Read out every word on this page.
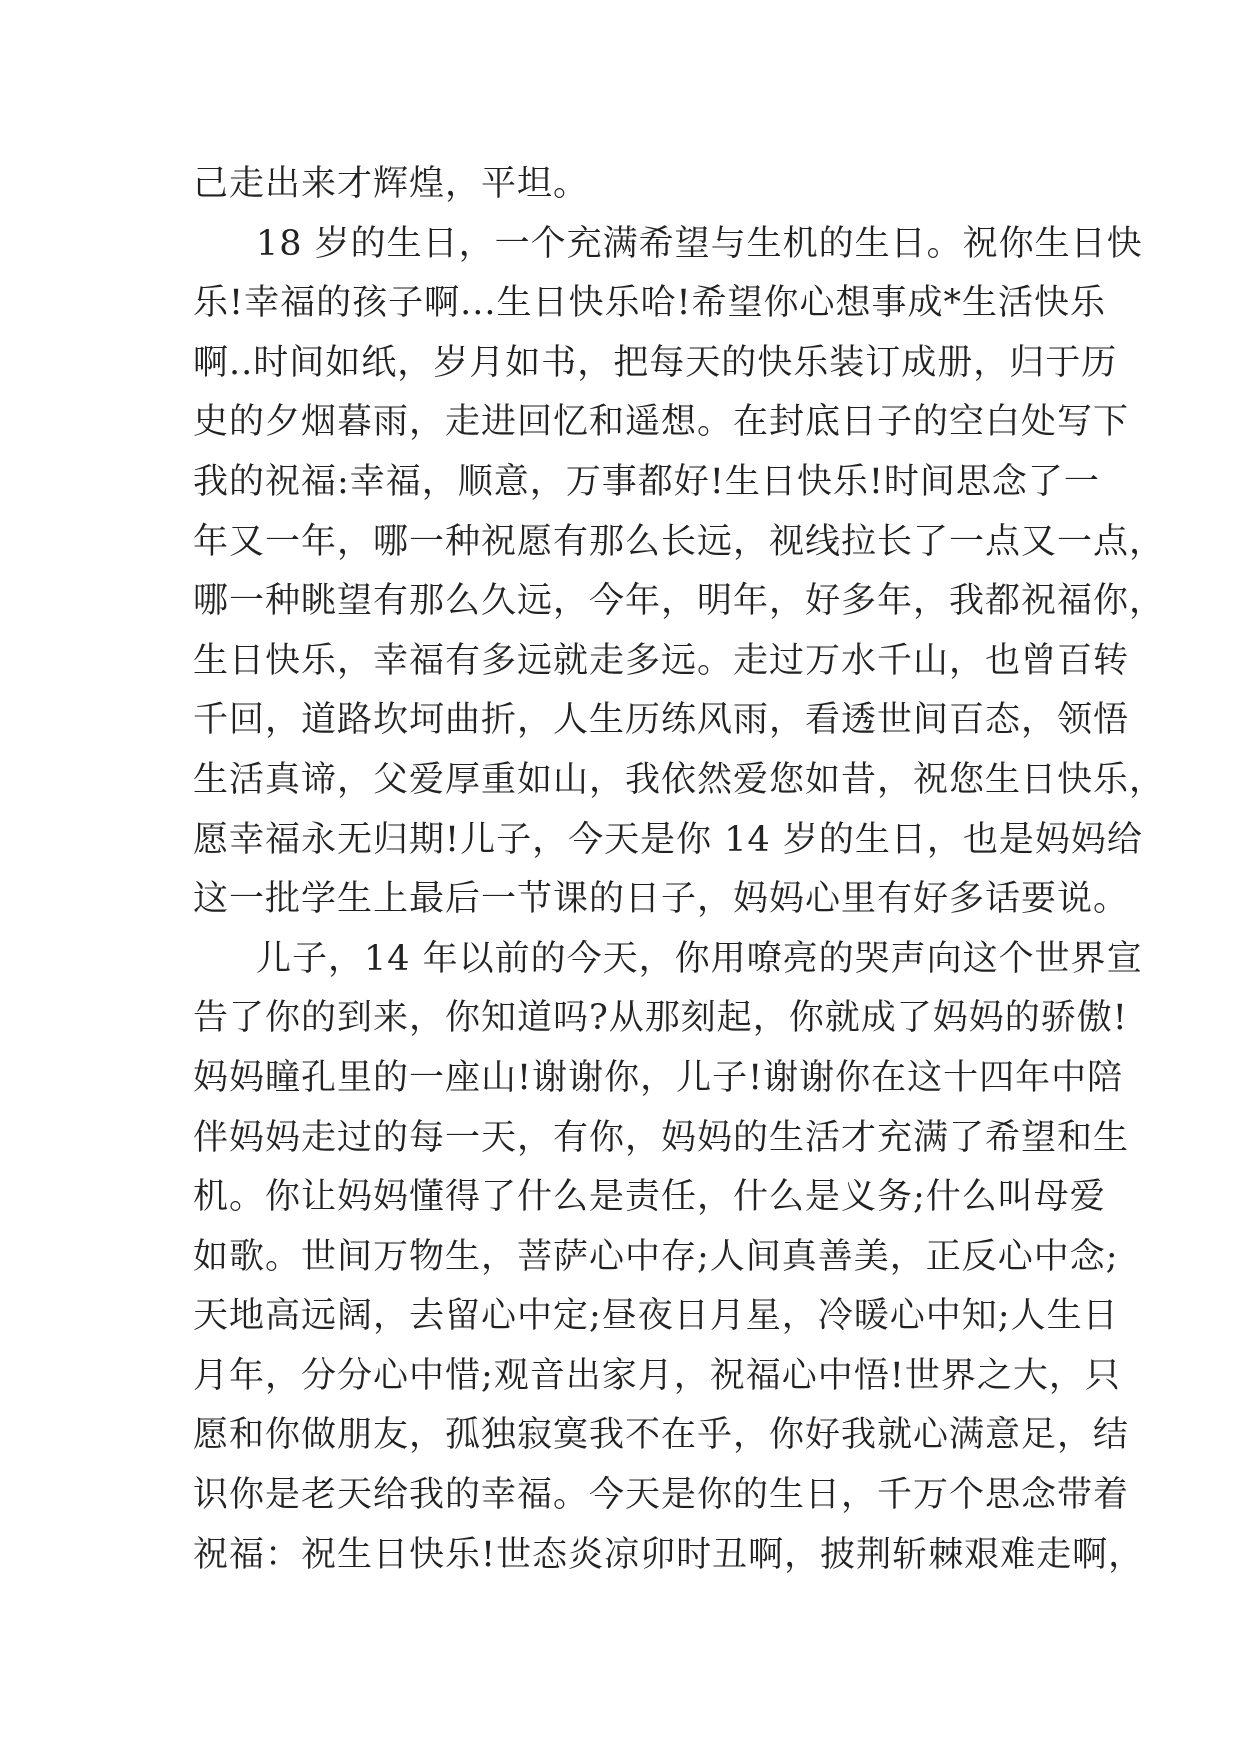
己走出来才辉煌，平坦。
18 岁的生日，一个充满希望与生机的生日。祝你生日快
乐!幸福的孩子啊...生日快乐哈!希望你心想事成*生活快乐
啊..时间如纸，岁月如书，把每天的快乐装订成册，归于历
史的夕烟暮雨，走进回忆和遥想。在封底日子的空白处写下
我的祝福:幸福，顺意，万事都好!生日快乐!时间思念了一
年又一年，哪一种祝愿有那么长远，视线拉长了一点又一点，
哪一种眺望有那么久远，今年，明年，好多年，我都祝福你，
生日快乐，幸福有多远就走多远。走过万水千山，也曾百转
千回，道路坎坷曲折，人生历练风雨，看透世间百态，领悟
生活真谛，父爱厚重如山，我依然爱您如昔，祝您生日快乐，
愿幸福永无归期!儿子，今天是你 14 岁的生日，也是妈妈给
这一批学生上最后一节课的日子，妈妈心里有好多话要说。
儿子，14 年以前的今天，你用嘹亮的哭声向这个世界宣
告了你的到来，你知道吗?从那刻起，你就成了妈妈的骄傲!
妈妈瞳孔里的一座山!谢谢你，儿子!谢谢你在这十四年中陪
伴妈妈走过的每一天，有你，妈妈的生活才充满了希望和生
机。你让妈妈懂得了什么是责任，什么是义务;什么叫母爱
如歌。世间万物生，菩萨心中存;人间真善美，正反心中念;
天地高远阔，去留心中定;昼夜日月星，冷暖心中知;人生日
月年，分分心中惜;观音出家月，祝福心中悟!世界之大，只
愿和你做朋友，孤独寂寞我不在乎，你好我就心满意足，结
识你是老天给我的幸福。今天是你的生日，千万个思念带着
祝福：祝生日快乐!世态炎凉卯时丑啊，披荆斩棘艰难走啊，
